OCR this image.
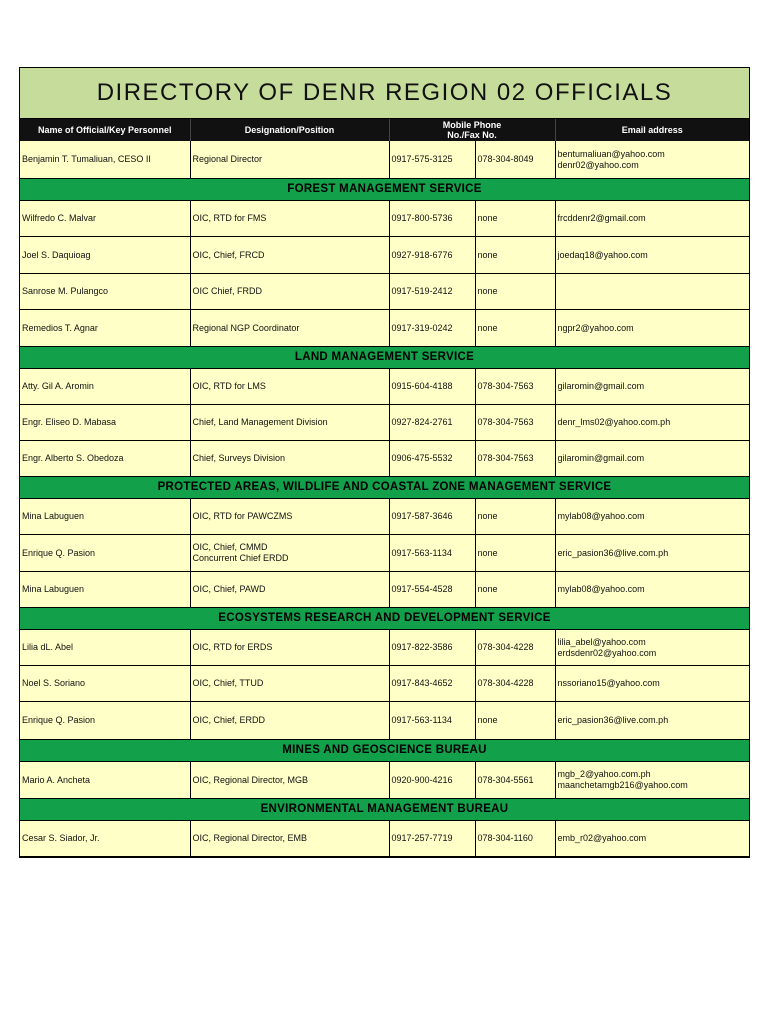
DIRECTORY OF DENR REGION 02 OFFICIALS
Name of Official/Key Personnel	Designation/Position	Mobile Phone
No./Fax No.		Email address
Benjamin T. Tumaliuan, CESO II	Regional Director	0917-575-3125	078-304-8049	bentumaliuan@yahoo.com
denr02@yahoo.com

FOREST MANAGEMENT SERVICE				
Wilfredo C. Malvar	OIC, RTD for FMS	0917-800-5736	none	frcddenr2@gmail.com

Joel S. Daquioag	OIC, Chief, FRCD	0927-918-6776	none	joedaq18@yahoo.com

Sanrose M. Pulangco	OIC Chief, FRDD	0917-519-2412	none	

Remedios T. Agnar	Regional NGP Coordinator	0917-319-0242	none	ngpr2@yahoo.com

LAND MANAGEMENT SERVICE				
Atty. Gil A. Aromin	OIC, RTD for LMS	0915-604-4188	078-304-7563	gilaromin@gmail.com

Engr. Eliseo D. Mabasa	Chief, Land Management Division	0927-824-2761	078-304-7563	denr_lms02@yahoo.com.ph

Engr. Alberto S. Obedoza	Chief, Surveys Division	0906-475-5532	078-304-7563	gilaromin@gmail.com

PROTECTED AREAS, WILDLIFE AND COASTAL ZONE MANAGEMENT SERVICE				
Mina Labuguen	OIC, RTD for PAWCZMS	0917-587-3646	none	mylab08@yahoo.com

Enrique Q. Pasion	OIC, Chief, CMMD
Concurrent Chief ERDD	0917-563-1134	none	eric_pasion36@live.com.ph

Mina Labuguen	OIC, Chief, PAWD	0917-554-4528	none	mylab08@yahoo.com

ECOSYSTEMS RESEARCH AND DEVELOPMENT SERVICE				
Lilia dL. Abel	OIC, RTD for ERDS	0917-822-3586	078-304-4228	lilia_abel@yahoo.com
erdsdenr02@yahoo.com

Noel S. Soriano	OIC, Chief, TTUD	0917-843-4652	078-304-4228	nssoriano15@yahoo.com

Enrique Q. Pasion	OIC, Chief, ERDD	0917-563-1134	none	eric_pasion36@live.com.ph

MINES AND GEOSCIENCE BUREAU				
Mario A. Ancheta	OIC, Regional Director, MGB	0920-900-4216	078-304-5561	mgb_2@yahoo.com.ph
maanchetamgb216@yahoo.com

ENVIRONMENTAL MANAGEMENT BUREAU				
Cesar S. Siador, Jr.	OIC, Regional Director, EMB	0917-257-7719	078-304-1160	emb_r02@yahoo.com
